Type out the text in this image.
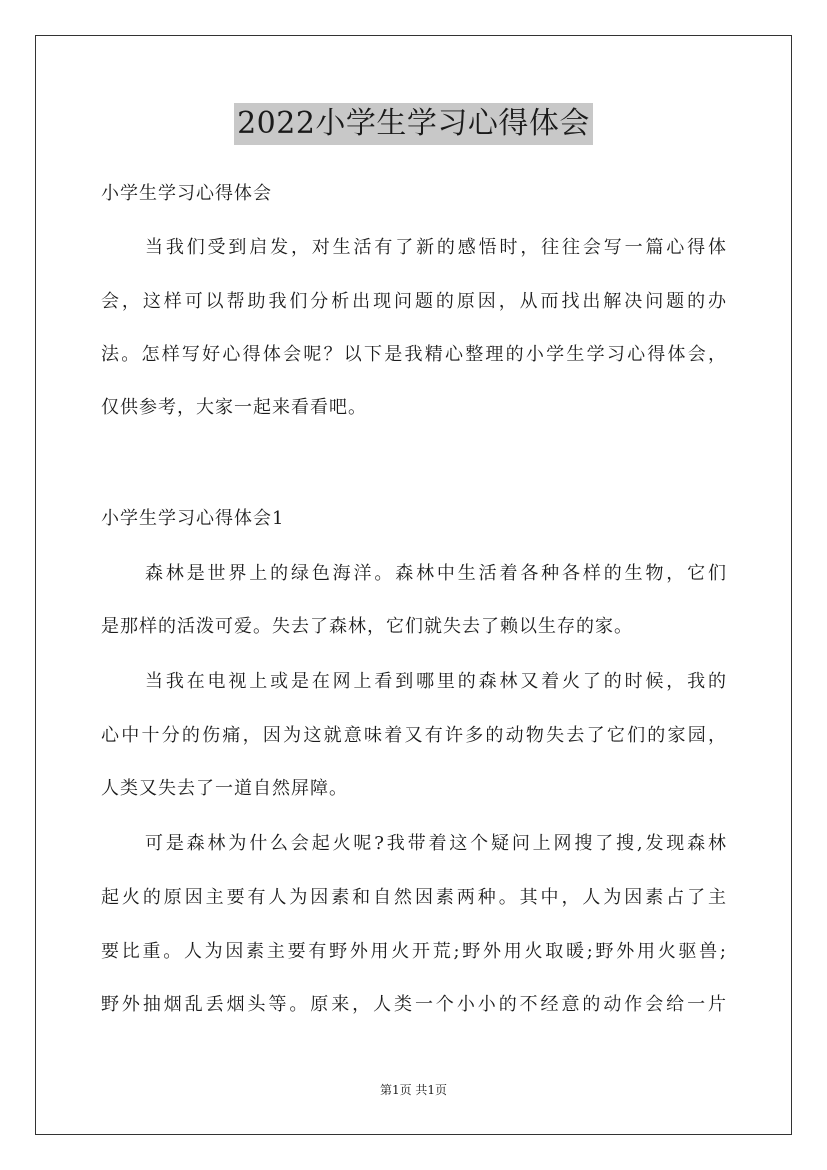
2022小学生学习心得体会
小学生学习心得体会
当我们受到启发，对生活有了新的感悟时，往往会写一篇心得体
会，这样可以帮助我们分析出现问题的原因，从而找出解决问题的办
法。怎样写好心得体会呢？以下是我精心整理的小学生学习心得体会，
仅供参考，大家一起来看看吧。
小学生学习心得体会1
森林是世界上的绿色海洋。森林中生活着各种各样的生物，它们
是那样的活泼可爱。失去了森林，它们就失去了赖以生存的家。
当我在电视上或是在网上看到哪里的森林又着火了的时候，我的
心中十分的伤痛，因为这就意味着又有许多的动物失去了它们的家园，
人类又失去了一道自然屏障。
可是森林为什么会起火呢?我带着这个疑问上网搜了搜,发现森林
起火的原因主要有人为因素和自然因素两种。其中，人为因素占了主
要比重。人为因素主要有野外用火开荒;野外用火取暖;野外用火驱兽;
野外抽烟乱丢烟头等。原来，人类一个小小的不经意的动作会给一片
第1页 共1页
